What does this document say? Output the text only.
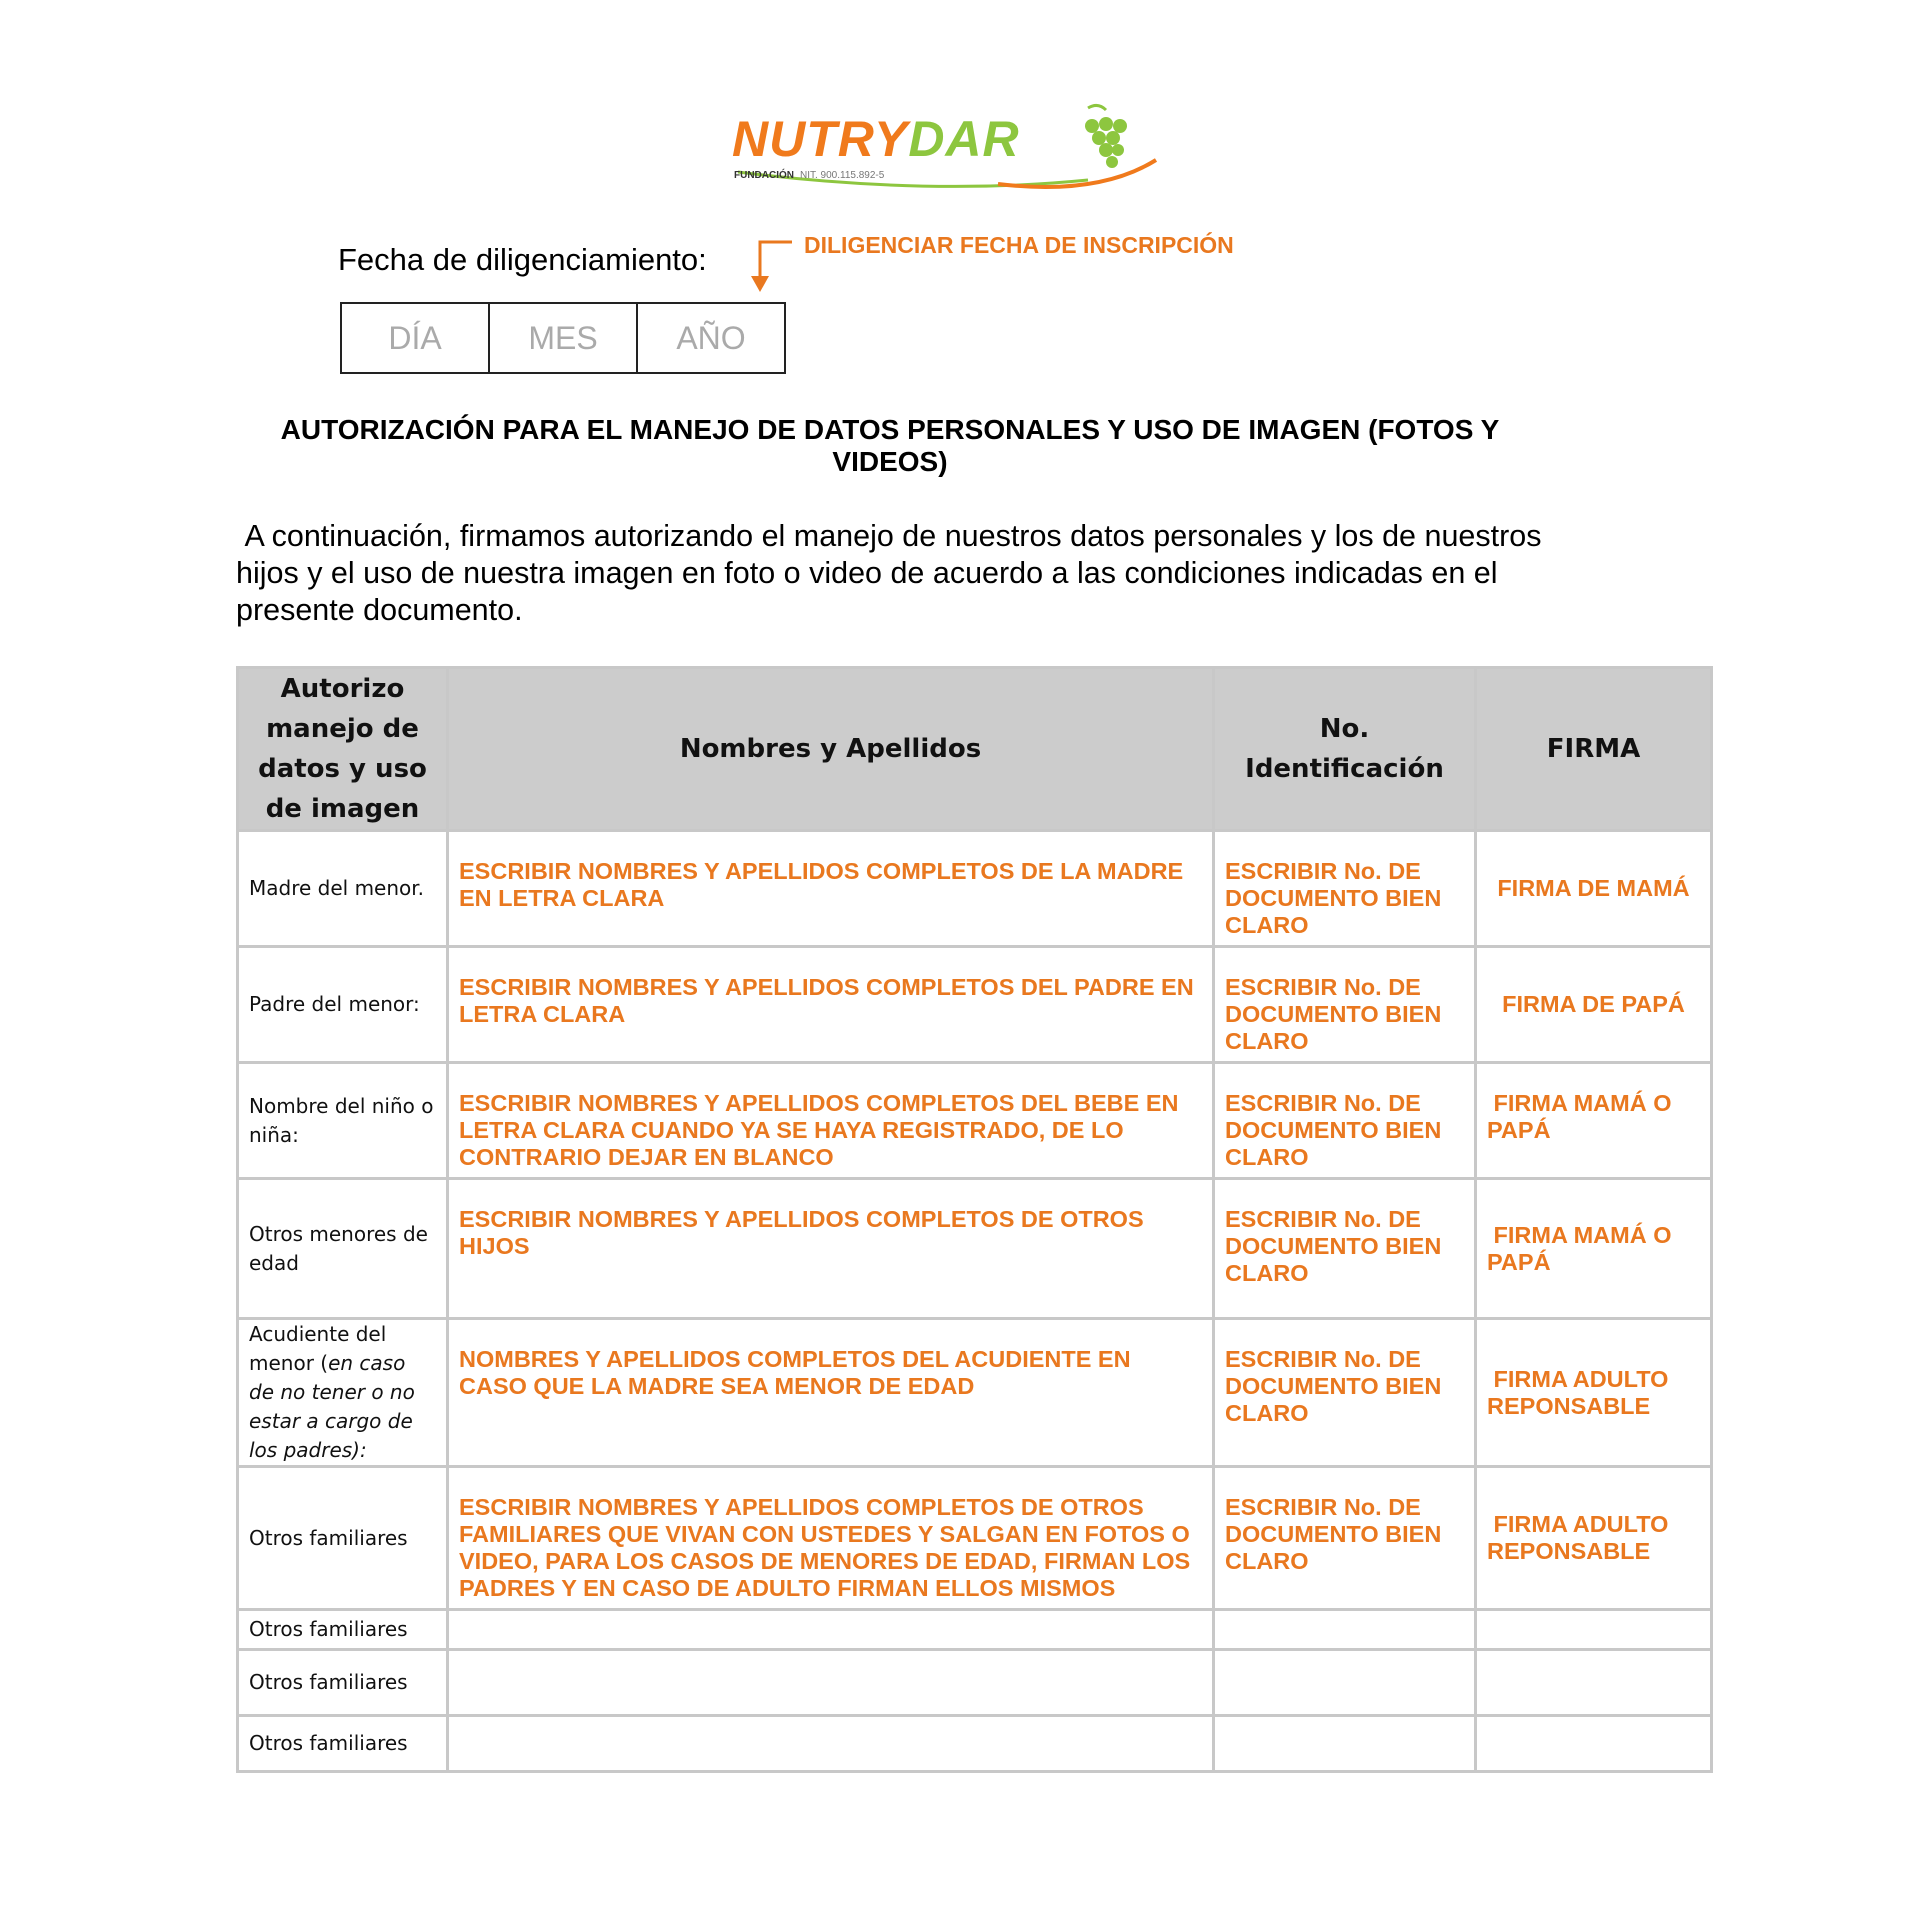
NUTRYDAR
FUNDACIÓN NIT. 900.115.892-5
Fecha de diligenciamiento:	DILIGENCIAR FECHA DE INSCRIPCIÓN
DÍA	MES	AÑO
AUTORIZACIÓN PARA EL MANEJO DE DATOS PERSONALES Y USO DE IMAGEN (FOTOS Y VIDEOS)
A continuación, firmamos autorizando el manejo de nuestros datos personales y los de nuestros hijos y el uso de nuestra imagen en foto o video de acuerdo a las condiciones indicadas en el presente documento.
Autorizo manejo de datos y uso de imagen	Nombres y Apellidos	No. Identificación	FIRMA
Madre del menor.	ESCRIBIR NOMBRES Y APELLIDOS COMPLETOS DE LA MADRE EN LETRA CLARA	ESCRIBIR No. DE DOCUMENTO BIEN CLARO	FIRMA DE MAMÁ
Padre del menor:	ESCRIBIR NOMBRES Y APELLIDOS COMPLETOS DEL PADRE EN LETRA CLARA	ESCRIBIR No. DE DOCUMENTO BIEN CLARO	FIRMA DE PAPÁ
Nombre del niño o niña:	ESCRIBIR NOMBRES Y APELLIDOS COMPLETOS DEL BEBE EN LETRA CLARA CUANDO YA SE HAYA REGISTRADO, DE LO CONTRARIO DEJAR EN BLANCO	ESCRIBIR No. DE DOCUMENTO BIEN CLARO	FIRMA MAMÁ O PAPÁ
Otros menores de edad	ESCRIBIR NOMBRES Y APELLIDOS COMPLETOS DE OTROS HIJOS	ESCRIBIR No. DE DOCUMENTO BIEN CLARO	FIRMA MAMÁ O PAPÁ
Acudiente del menor (en caso de no tener o no estar a cargo de los padres):	NOMBRES Y APELLIDOS COMPLETOS DEL ACUDIENTE EN CASO QUE LA MADRE SEA MENOR DE EDAD	ESCRIBIR No. DE DOCUMENTO BIEN CLARO	FIRMA ADULTO REPONSABLE
Otros familiares	ESCRIBIR NOMBRES Y APELLIDOS COMPLETOS DE OTROS FAMILIARES QUE VIVAN CON USTEDES Y SALGAN EN FOTOS O VIDEO, PARA LOS CASOS DE MENORES DE EDAD, FIRMAN LOS PADRES Y EN CASO DE ADULTO FIRMAN ELLOS MISMOS	ESCRIBIR No. DE DOCUMENTO BIEN CLARO	FIRMA ADULTO REPONSABLE
Otros familiares			
Otros familiares			
Otros familiares			
